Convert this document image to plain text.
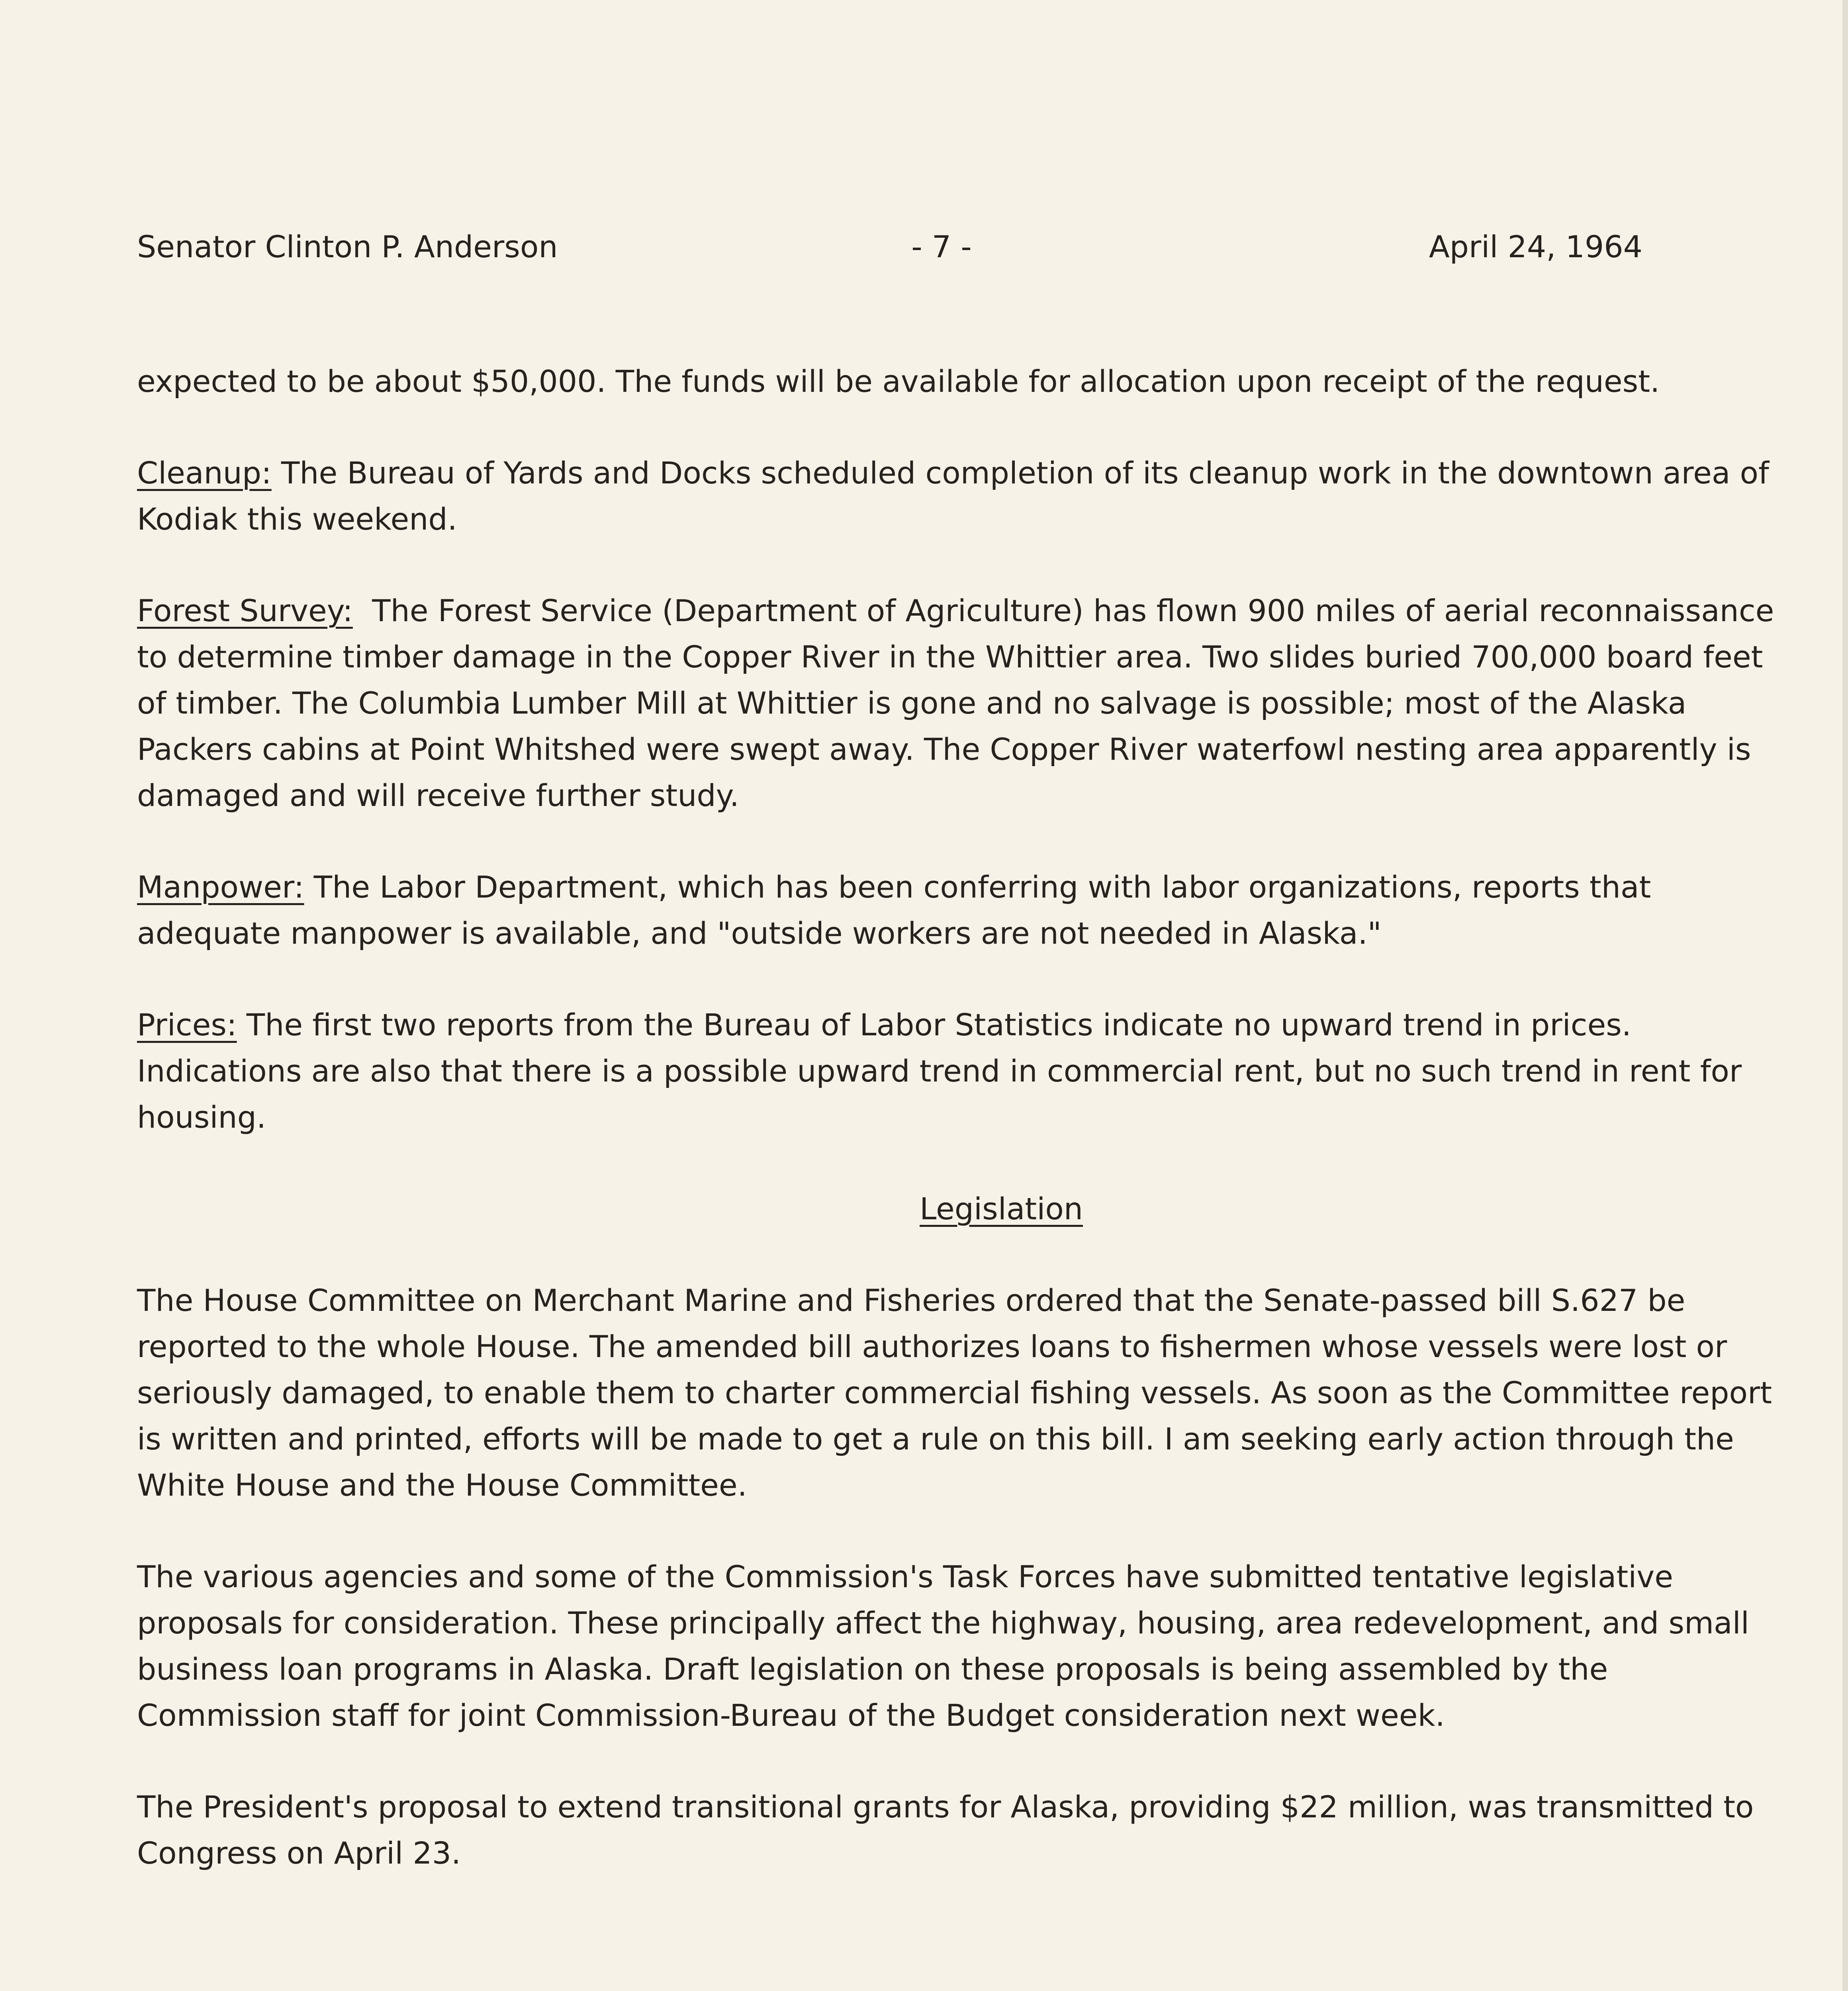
Senator Clinton P. Anderson	- 7 -	April 24, 1964

expected to be about $50,000. The funds will be available for allocation upon receipt of the request.

Cleanup: The Bureau of Yards and Docks scheduled completion of its cleanup work in the downtown area of Kodiak this weekend.

Forest Survey:  The Forest Service (Department of Agriculture) has flown 900 miles of aerial reconnaissance to determine timber damage in the Copper River in the Whittier area. Two slides buried 700,000 board feet of timber. The Columbia Lumber Mill at Whittier is gone and no salvage is possible; most of the Alaska Packers cabins at Point Whitshed were swept away. The Copper River waterfowl nesting area apparently is damaged and will receive further study.

Manpower: The Labor Department, which has been conferring with labor organizations, reports that adequate manpower is available, and "outside workers are not needed in Alaska."

Prices: The first two reports from the Bureau of Labor Statistics indicate no upward trend in prices. Indications are also that there is a possible upward trend in commercial rent, but no such trend in rent for housing.

Legislation

The House Committee on Merchant Marine and Fisheries ordered that the Senate-passed bill S.627 be reported to the whole House. The amended bill authorizes loans to fishermen whose vessels were lost or seriously damaged, to enable them to charter commercial fishing vessels. As soon as the Committee report is written and printed, efforts will be made to get a rule on this bill. I am seeking early action through the White House and the House Committee.

The various agencies and some of the Commission's Task Forces have submitted tentative legislative proposals for consideration. These principally affect the highway, housing, area redevelopment, and small business loan programs in Alaska. Draft legislation on these proposals is being assembled by the Commission staff for joint Commission-Bureau of the Budget consideration next week.

The President's proposal to extend transitional grants for Alaska, providing $22 million, was transmitted to Congress on April 23.
